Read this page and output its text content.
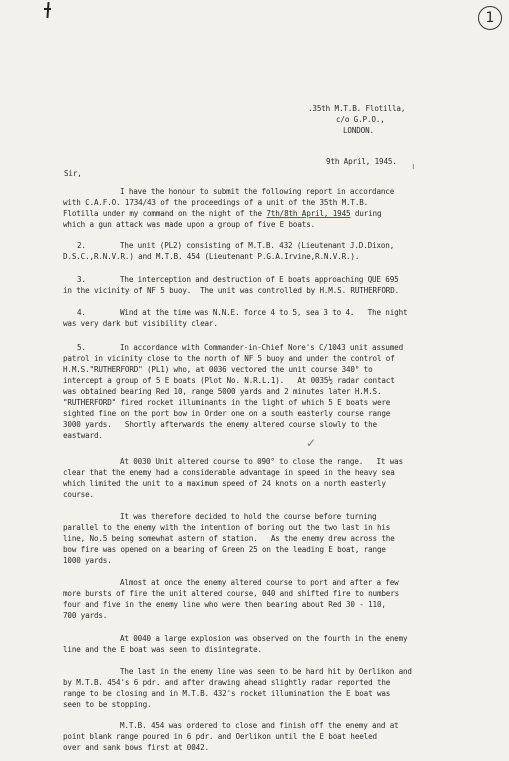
1
.35th M.T.B. Flotilla,
c/o G.P.O.,
LONDON.
9th April, 1945.
ı
Sir,
I have the honour to submit the following report in accordance
with C.A.F.O. 1734/43 of the proceedings of a unit of the 35th M.T.B.
Flotilla under my command on the night of the 7th/8th April, 1945 during
which a gun attack was made upon a group of five E boats.
2.	The unit (PL2) consisting of M.T.B. 432 (Lieutenant J.D.Dixon,
D.S.C.,R.N.V.R.) and M.T.B. 454 (Lieutenant P.G.A.Irvine,R.N.V.R.).
3.	The interception and destruction of E boats approaching QUE 695
in the vicinity of NF 5 buoy.  The unit was controlled by H.M.S. RUTHERFORD.
4.	Wind at the time was N.N.E. force 4 to 5, sea 3 to 4.   The night
was very dark but visibility clear.
5.	In accordance with Commander-in-Chief Nore's C/1043 unit assumed
patrol in vicinity close to the north of NF 5 buoy and under the control of
H.M.S."RUTHERFORD" (PL1) who, at 0036 vectored the unit course 340° to
intercept a group of 5 E boats (Plot No. N.R.L.1).   At 0035½ radar contact
was obtained bearing Red 10, range 5000 yards and 2 minutes later H.M.S.
"RUTHERFORD" fired rocket illuminants in the light of which 5 E boats were
sighted fine on the port bow in Order one on a south easterly course range
3000 yards.   Shortly afterwards the enemy altered course slowly to the
eastward.
✓
At 0030 Unit altered course to 090° to close the range.   It was
clear that the enemy had a considerable advantage in speed in the heavy sea
which limited the unit to a maximum speed of 24 knots on a north easterly
course.
It was therefore decided to hold the course before turning
parallel to the enemy with the intention of boring out the two last in his
line, No.5 being somewhat astern of station.   As the enemy drew across the
bow fire was opened on a bearing of Green 25 on the leading E boat, range
1000 yards.
Almost at once the enemy altered course to port and after a few
more bursts of fire the unit altered course, 040 and shifted fire to numbers
four and five in the enemy line who were then bearing about Red 30 - 110,
700 yards.
At 0040 a large explosion was observed on the fourth in the enemy
line and the E boat was seen to disintegrate.
The last in the enemy line was seen to be hard hit by Oerlikon and
by M.T.B. 454's 6 pdr. and after drawing ahead slightly radar reported the
range to be closing and in M.T.B. 432's rocket illumination the E boat was
seen to be stopping.
M.T.B. 454 was ordered to close and finish off the enemy and at
point blank range poured in 6 pdr. and Oerlikon until the E boat heeled
over and sank bows first at 0042.
